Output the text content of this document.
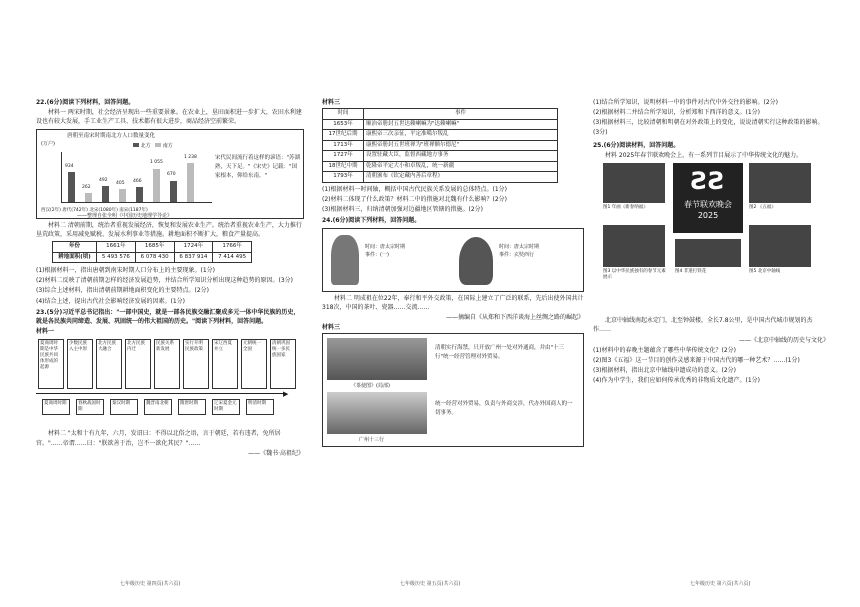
22.(6分)阅读下列材料，回答问题。
材料一 两宋时期，社会经济呈现出一些重要景象。在农业上，垦田面积进一步扩大，农田水利建设也有较大发展，手工业生产工具、技术都有很大进步，商品经济空前繁荣。
唐朝至南宋时期南北方人口数量变化
(万户)	北方 南方
934
262
492
405 466
1 055
670
1 238
西汉(2年) 唐代(742年) 北宋(1080年) 南宋(1187年)
——整理自张全明《中国历史地理学导论》
宋代民间流行着这样的谚语："苏湖熟，天下足。"《宋史》记载："国家根本，仰给东南。"
材料二 清朝前期，统治者重视发展经济，恢复和发展农业生产。统治者重视农业生产，大力推行垦荒政策，采用减免赋税、发展水利事业等措施。耕地面积不断扩大，粮食产量提高。
年份	1661年	1685年	1724年	1766年
耕地面积(顷)	5 493 576	6 078 430	6 837 914	7 414 495
(1)根据材料一，指出唐朝到南宋时期人口分布上的主要现象。(1分)
(2)材料二反映了清朝前期怎样的经济发展趋势，并结合所学知识分析出现这种趋势的原因。(3分)
(3)综合上述材料，指出清朝前期耕地面积变化的主要特点。(2分)
(4)结合上述，提出古代社会影响经济发展的因素。(1分)
23.(5分)习近平总书记指出："一部中国史，就是一部各民族交融汇聚成多元一体中华民族的历史，就是各民族共同缔造、发展、巩固统一的伟大祖国的历史。"阅读下列材料，回答问题。
材料一
夏商周时期是中华民族共同体形成的起源
少数民族入主中原
北方民族大融合
北方民族内迁
民族关系新发展
实行开明民族政策
宋辽西夏并立
元朝统一全国
清朝巩固统一多民族国家
▶
夏商周时期	春秋战国时期
秦汉时期	魏晋南北朝	隋唐时期	辽宋夏金元时期
明清时期
材料二 "太和十有九年，六月，发诏曰：不得以北俗之语，言于朝廷，若有违者，免所居官。"……帝谓……曰："朕欲善于治，岂不一欲化其民？"……
——《魏书·高祖纪》
材料三
时间	事件
1653年	顺治帝册封五世达赖喇嘛为"达赖喇嘛"
17世纪后期	康熙帝三次亲征，平定准噶尔叛乱
1713年	康熙帝册封五世班禅为"班禅额尔德尼"
1727年	设置驻藏大臣，监督西藏地方事务
18世纪中期	乾隆帝平定大小和卓叛乱，统一新疆
1793年	清朝颁布《钦定藏内善后章程》
(1)根据材料一时间轴，概括中国古代民族关系发展的总体特点。(1分)
(2)材料二体现了什么政策？材料二中的措施对北魏有什么影响？(2分)
(3)根据材料三，归纳清朝加强对边疆地区管辖的措施。(2分)
24.(6分)阅读下列材料，回答问题。
时间：唐太宗时期
事件：(一)
时间：唐太宗时期
事件：玄奘西行
材料二 明成祖在位22年，奉行和平外交政策，在国际上建立了广泛的联系，先后出使外国共计318次，中国的茶叶、瓷器……交流……
——摘编自《从郑和下西洋谈海上丝绸之路的崛起》
材料三
《茶使图》(局部)
清朝实行海禁，只开放广州一处对外通商，并由"十三行"统一经营管理对外贸易。
广州十三行
统一经营对外贸易，负责与外商交涉，代办外国商人的一切事务。
(1)结合所学知识，说明材料一中的事件对古代中外交往的影响。(2分)
(2)根据材料二并结合所学知识，分析郑和下西洋的意义。(1分)
(3)根据材料三，比较清朝和明朝在对外政策上的变化，说说清朝实行这种政策的影响。(3分)
25.(6分)阅读材料，回答问题。
材料 2025年春节联欢晚会上，有一系列节目展示了中华传统文化的魅力。
图1 年画《新春纳福》
ƧƧ
春节联欢晚会
2025
图2 《五福》
图3 以中华民族独有的春节元素展示
图4 非遗打铁花	图5 北京中轴线
北京中轴线南起永定门，北至钟鼓楼，全长7.8公里，是中国古代城市规划的杰作……
——《北京中轴线的历史与文化》
(1)材料中的春晚主题蕴含了哪些中华传统文化？(2分)
(2)图3《五福》这一节目的创作灵感来源于中国古代的哪一种艺术？……(1分)
(3)根据材料，指出北京中轴线申遗成功的意义。(2分)
(4)作为中学生，我们应如何传承优秀的非物质文化遗产。(1分)
七年级历史 第四页(共六页)	七年级历史 第五页(共六页)	七年级历史 第六页(共六页)
